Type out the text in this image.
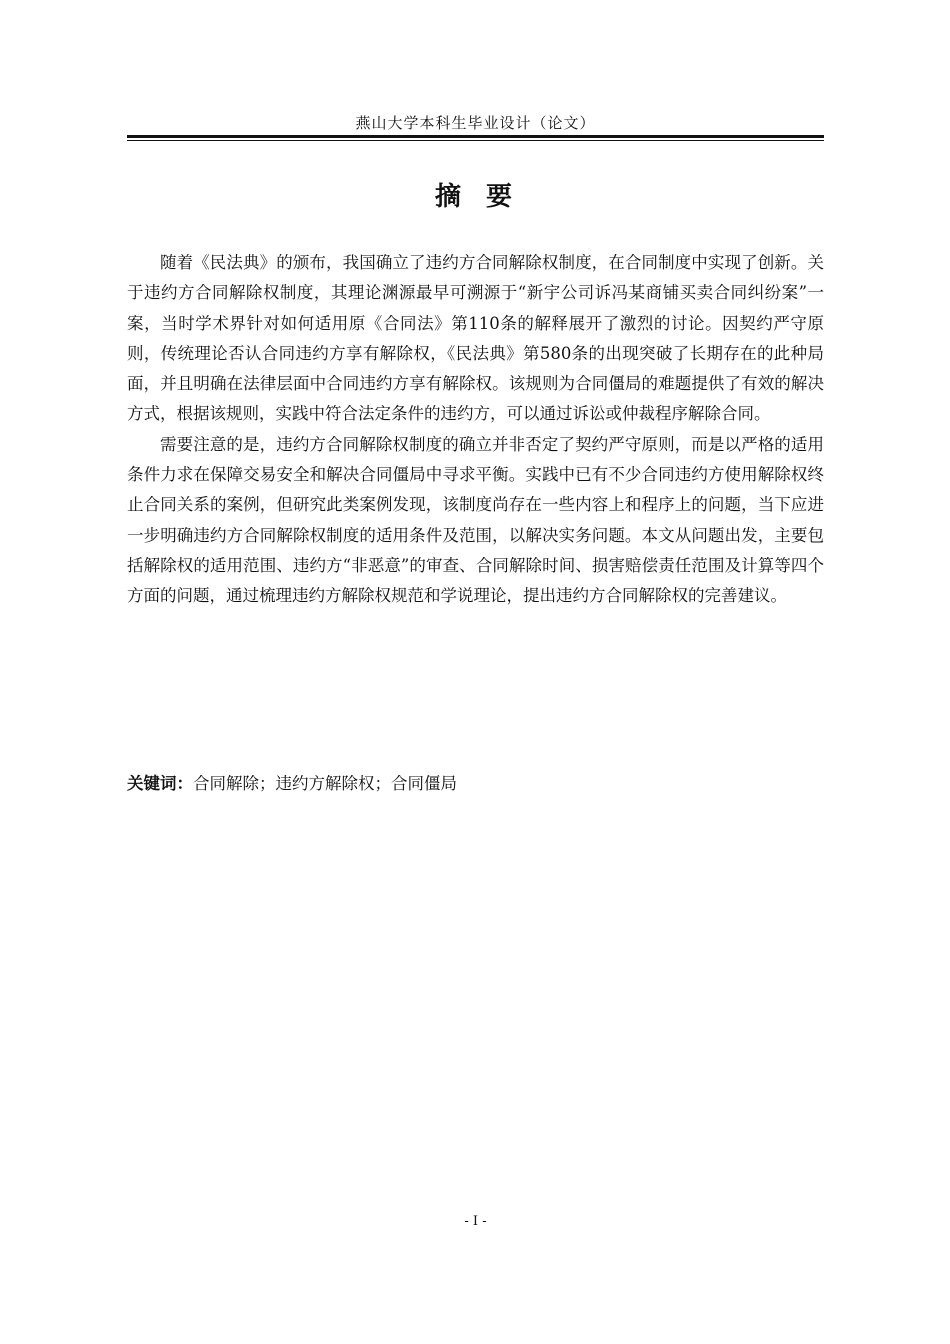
燕山大学本科生毕业设计（论文）
摘 要

随着《民法典》的颁布，我国确立了违约方合同解除权制度，在合同制度中实现了创新。关于违约方合同解除权制度，其理论渊源最早可溯源于“新宇公司诉冯某商铺买卖合同纠纷案”一案，当时学术界针对如何适用原《合同法》第110条的解释展开了激烈的讨论。因契约严守原则，传统理论否认合同违约方享有解除权，《民法典》第580条的出现突破了长期存在的此种局面，并且明确在法律层面中合同违约方享有解除权。该规则为合同僵局的难题提供了有效的解决方式，根据该规则，实践中符合法定条件的违约方，可以通过诉讼或仲裁程序解除合同。

需要注意的是，违约方合同解除权制度的确立并非否定了契约严守原则，而是以严格的适用条件力求在保障交易安全和解决合同僵局中寻求平衡。实践中已有不少合同违约方使用解除权终止合同关系的案例，但研究此类案例发现，该制度尚存在一些内容上和程序上的问题，当下应进一步明确违约方合同解除权制度的适用条件及范围，以解决实务问题。本文从问题出发，主要包括解除权的适用范围、违约方“非恶意”的审查、合同解除时间、损害赔偿责任范围及计算等四个方面的问题，通过梳理违约方解除权规范和学说理论，提出违约方合同解除权的完善建议。

关键词：合同解除；违约方解除权；合同僵局
- I -
